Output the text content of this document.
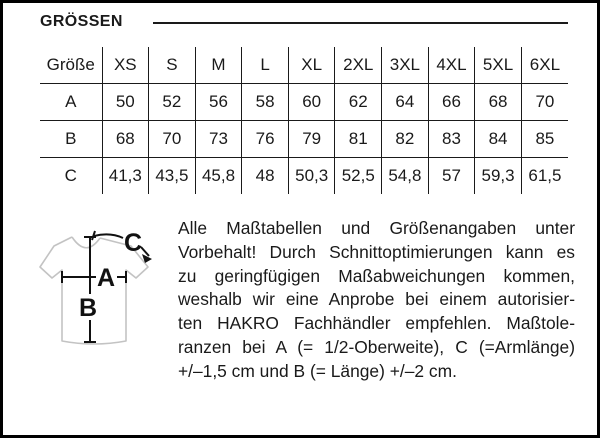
GRÖSSEN
Größe	XS	S	M	L	XL	2XL	3XL	4XL	5XL	6XL
A	50	52	56	58	60	62	64	66	68	70
B	68	70	73	76	79	81	82	83	84	85
C	41,3	43,5	45,8	48	50,3	52,5	54,8	57	59,3	61,5
A
B
C
Alle Maßtabellen und Größenangaben unter
Vorbehalt! Durch Schnittoptimierungen kann es
zu geringfügigen Maßabweichungen kommen,
weshalb wir eine Anprobe bei einem autorisier-
ten HAKRO Fachhändler empfehlen. Maßtole-
ranzen bei A (= 1/2-Oberweite), C (=Armlänge)
+/–1,5 cm und B (= Länge) +/–2 cm.
